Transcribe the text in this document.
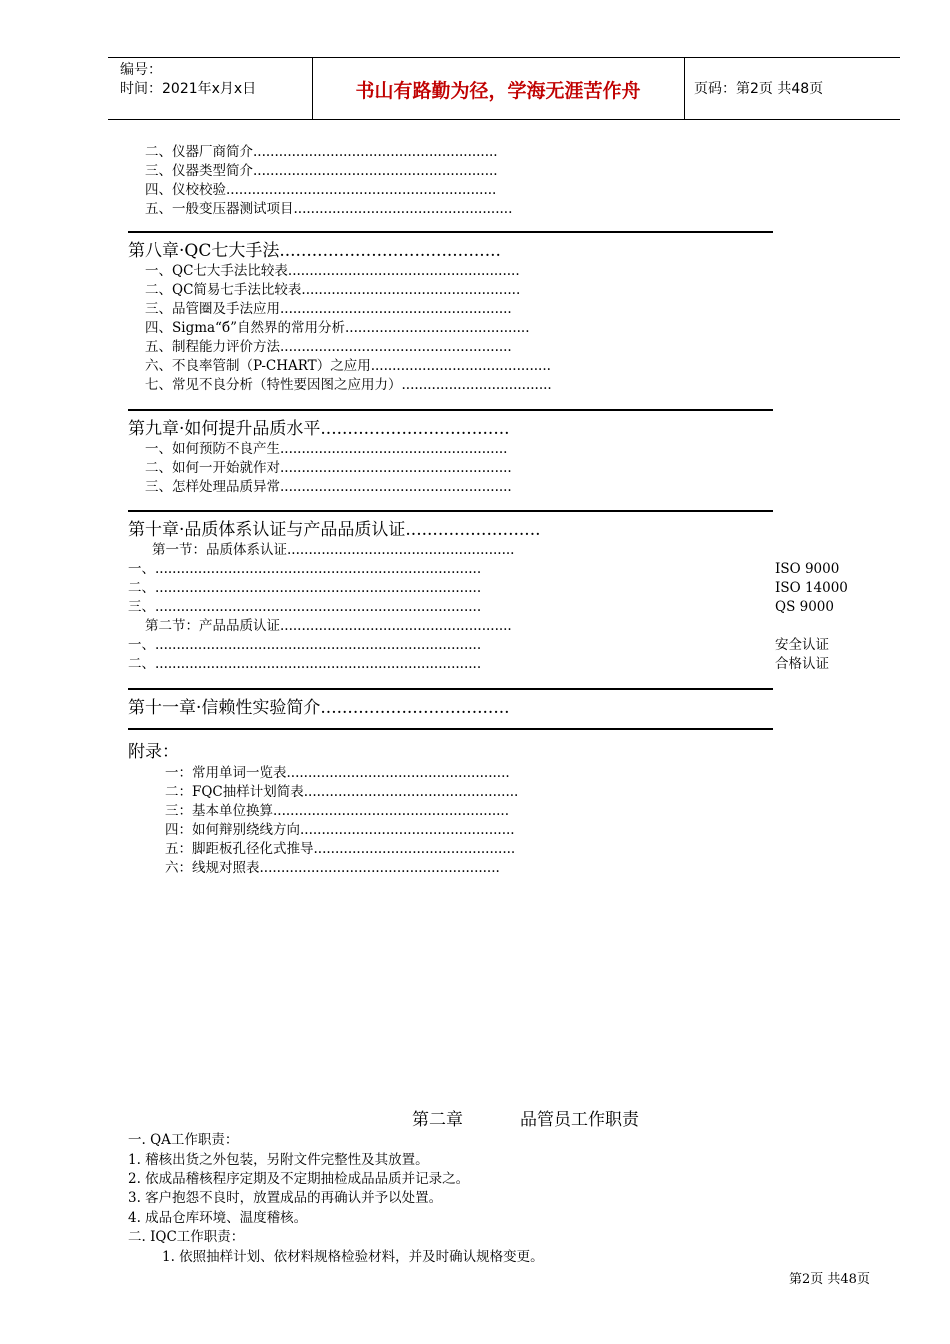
编号：
时间：2021年x月x日	书山有路勤为径，学海无涯苦作舟	页码：第2页 共48页
二、仪器厂商简介.........................................................
三、仪器类型简介.........................................................
四、仪校校验...............................................................
五、一般变压器测试项目...................................................
第八章·QC七大手法.........................................
一、QC七大手法比较表......................................................
二、QC简易七手法比较表...................................................
三、品管圈及手法应用......................................................
四、Sigma“б”自然界的常用分析...........................................
五、制程能力评价方法......................................................
六、不良率管制（P-CHART）之应用..........................................
七、常见不良分析（特性要因图之应用力）...................................
第九章·如何提升品质水平...................................
一、如何预防不良产生.....................................................
二、如何一开始就作对......................................................
三、怎样处理品质异常......................................................
第十章·品质体系认证与产品品质认证.........................
第一节：品质体系认证.....................................................
一、............................................................................	ISO 9000
二、............................................................................	ISO 14000
三、............................................................................	QS 9000
第二节：产品品质认证......................................................
一、............................................................................	安全认证
二、............................................................................	合格认证
第十一章·信赖性实验简介...................................
附录：
一：常用单词一览表....................................................
二：FQC抽样计划简表..................................................
三：基本单位换算.......................................................
四：如何辩别绕线方向..................................................
五：脚距板孔径化式推导...............................................
六：线规对照表........................................................
第二章	品管员工作职责
一. QA工作职责：
1. 稽核出货之外包装，另附文件完整性及其放置。
2. 依成品稽核程序定期及不定期抽检成品品质并记录之。
3. 客户抱怨不良时，放置成品的再确认并予以处置。
4. 成品仓库环境、温度稽核。
二. IQC工作职责：
1. 依照抽样计划、依材料规格检验材料，并及时确认规格变更。
第2页 共48页
